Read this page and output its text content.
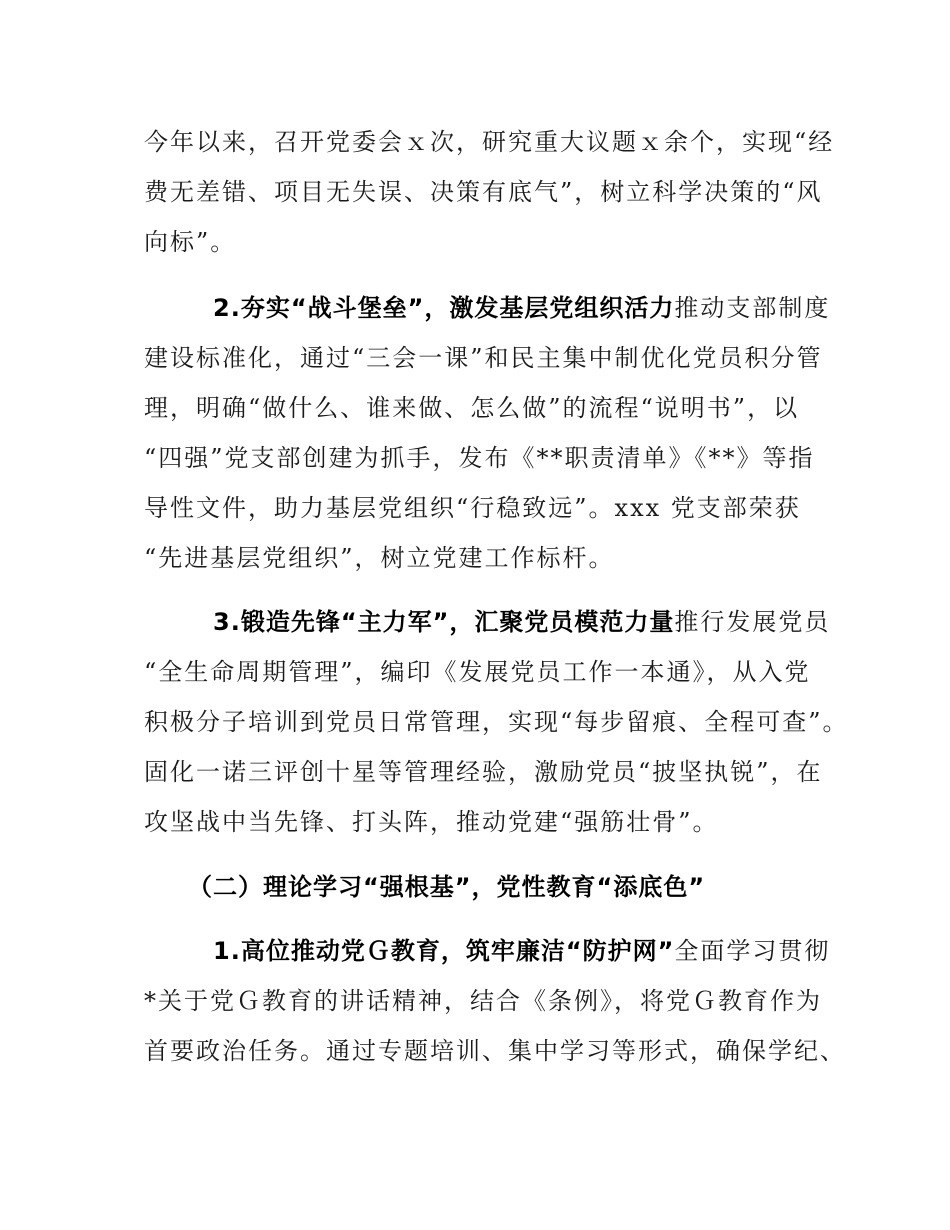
今年以来，召开党委会ｘ次，研究重大议题ｘ余个，实现“经
费无差错、项目无失误、决策有底气”，树立科学决策的“风
向标”。
2.夯实“战斗堡垒”，激发基层党组织活力推动支部制度
建设标准化，通过“三会一课”和民主集中制优化党员积分管
理，明确“做什么、谁来做、怎么做”的流程“说明书”，以
“四强”党支部创建为抓手，发布《**职责清单》《**》等指
导性文件，助力基层党组织“行稳致远”。xxx 党支部荣获
“先进基层党组织”，树立党建工作标杆。
3.锻造先锋“主力军”，汇聚党员模范力量推行发展党员
“全生命周期管理”，编印《发展党员工作一本通》，从入党
积极分子培训到党员日常管理，实现“每步留痕、全程可查”。
固化一诺三评创十星等管理经验，激励党员“披坚执锐”，在
攻坚战中当先锋、打头阵，推动党建“强筋壮骨”。
（二）理论学习“强根基”，党性教育“添底色”
1.高位推动党Ｇ教育，筑牢廉洁“防护网”全面学习贯彻
*关于党Ｇ教育的讲话精神，结合《条例》，将党Ｇ教育作为
首要政治任务。通过专题培训、集中学习等形式，确保学纪、
